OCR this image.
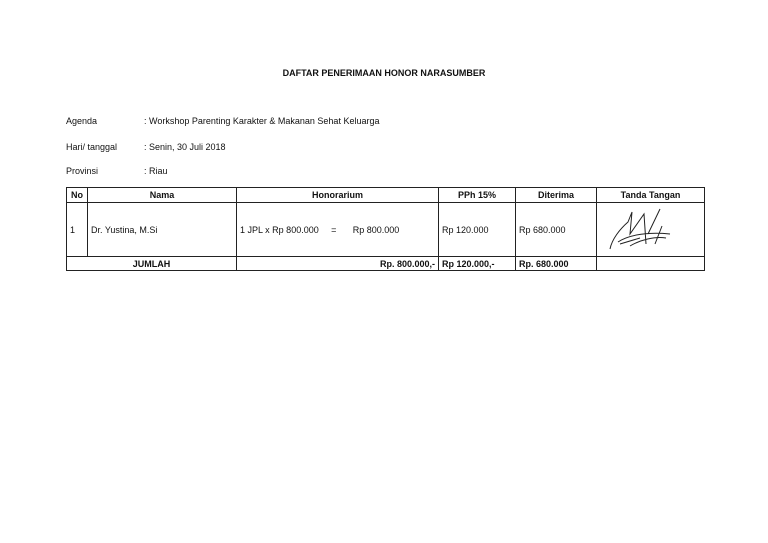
DAFTAR PENERIMAAN HONOR NARASUMBER
Agenda	: Workshop Parenting Karakter & Makanan Sehat Keluarga
Hari/ tanggal	: Senin, 30 Juli 2018
Provinsi	: Riau
No	Nama	Honorarium	PPh 15%	Diterima	Tanda Tangan
1	Dr. Yustina, M.Si	1 JPL x Rp 800.000 = Rp 800.000	Rp 120.000	Rp 680.000	
JUMLAH		Rp. 800.000,-	Rp 120.000,-	Rp. 680.000	
